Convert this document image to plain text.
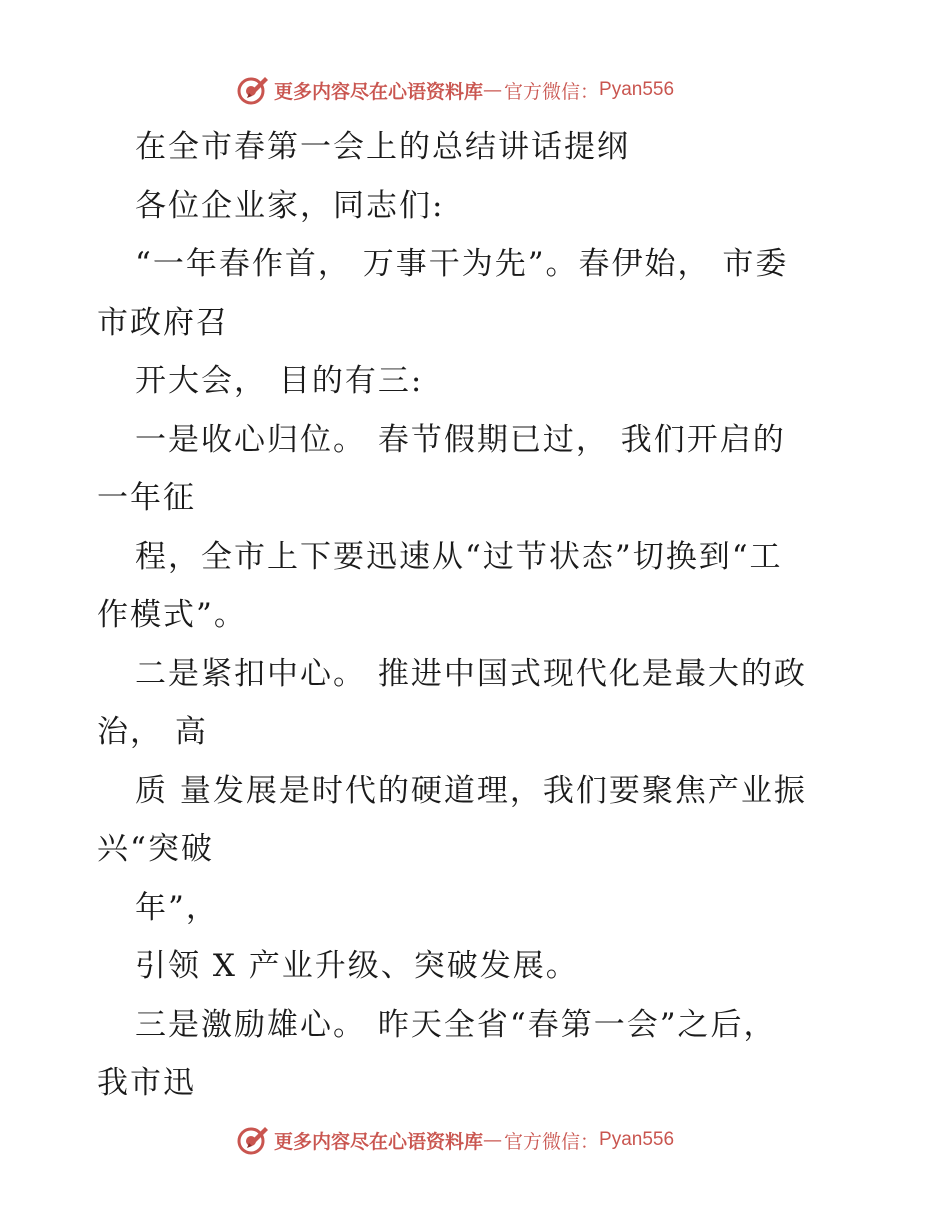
更多内容尽在心语资料库 — 官方微信： Pyan556

在全市春第一会上的总结讲话提纲

各位企业家，同志们:

“一年春作首， 万事干为先”。春伊始， 市委

市政府召

开大会， 目的有三:

一是收心归位。 春节假期已过， 我们开启的

一年征

程，全市上下要迅速从“过节状态”切换到“工

作模式”。

二是紧扣中心。 推进中国式现代化是最大的政

治， 高

质 量发展是时代的硬道理，我们要聚焦产业振

兴“突破

年”，

引领 X 产业升级、突破发展。

三是激励雄心。 昨天全省“春第一会”之后，

我市迅

更多内容尽在心语资料库 — 官方微信： Pyan556
